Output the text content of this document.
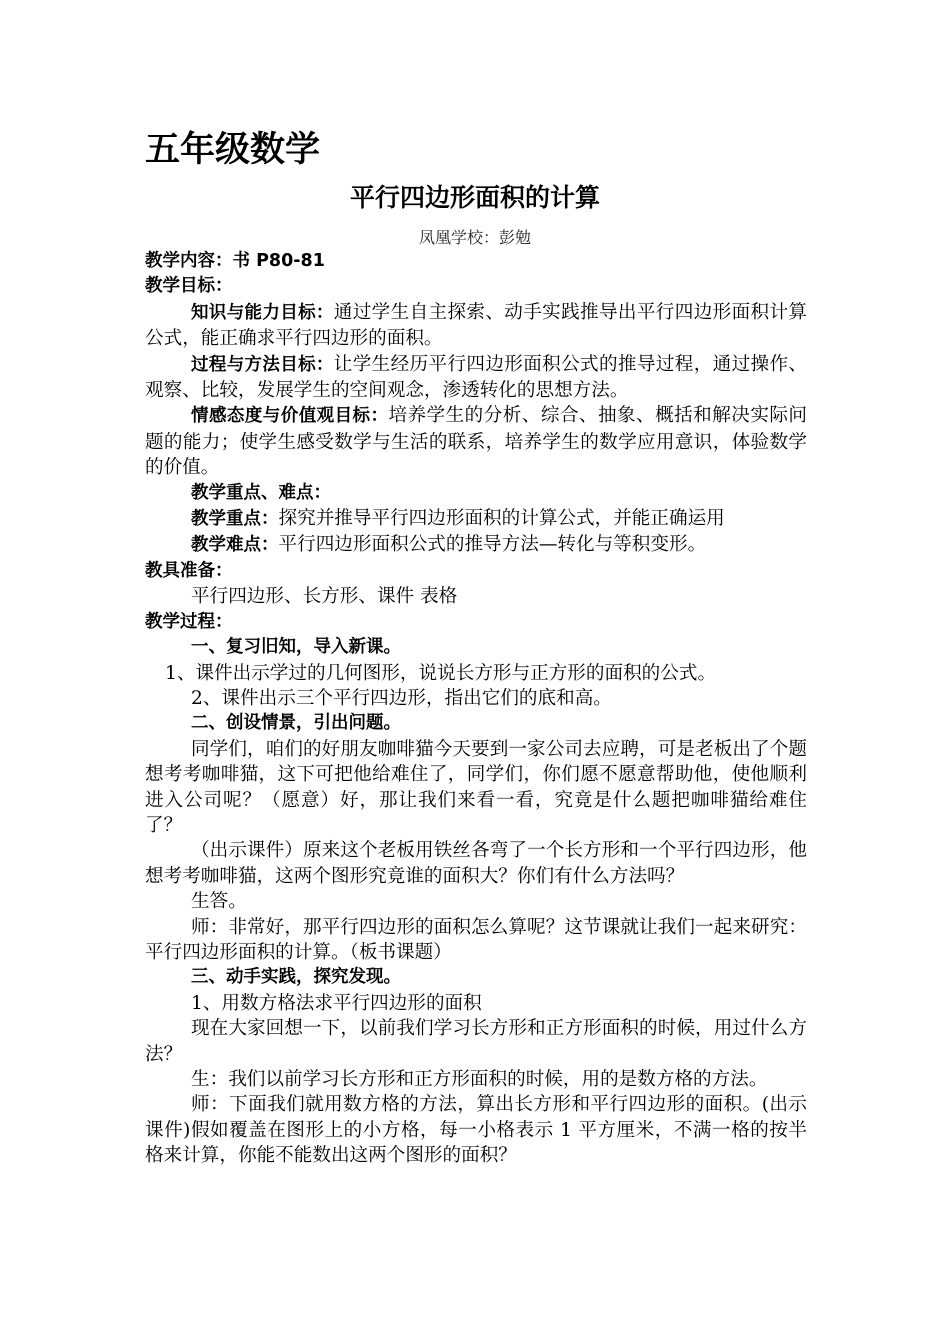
五年级数学
平行四边形面积的计算
凤凰学校：彭勉

教学内容：书 P80-81

教学目标：

知识与能力目标：通过学生自主探索、动手实践推导出平行四边形面积计算公式，能正确求平行四边形的面积。

过程与方法目标：让学生经历平行四边形面积公式的推导过程，通过操作、观察、比较，发展学生的空间观念，渗透转化的思想方法。

情感态度与价值观目标：培养学生的分析、综合、抽象、概括和解决实际问题的能力；使学生感受数学与生活的联系，培养学生的数学应用意识，体验数学的价值。

教学重点、难点：

教学重点：探究并推导平行四边形面积的计算公式，并能正确运用

教学难点：平行四边形面积公式的推导方法—转化与等积变形。

教具准备：

平行四边形、长方形、课件 表格

教学过程：

一、复习旧知，导入新课。

1、课件出示学过的几何图形，说说长方形与正方形的面积的公式。

2、课件出示三个平行四边形，指出它们的底和高。

二、创设情景，引出问题。

同学们，咱们的好朋友咖啡猫今天要到一家公司去应聘，可是老板出了个题想考考咖啡猫，这下可把他给难住了，同学们，你们愿不愿意帮助他，使他顺利进入公司呢？（愿意）好，那让我们来看一看，究竟是什么题把咖啡猫给难住了？

（出示课件）原来这个老板用铁丝各弯了一个长方形和一个平行四边形，他想考考咖啡猫，这两个图形究竟谁的面积大？你们有什么方法吗？

生答。

师：非常好，那平行四边形的面积怎么算呢？这节课就让我们一起来研究：平行四边形面积的计算。（板书课题）

三、动手实践，探究发现。

1、用数方格法求平行四边形的面积

现在大家回想一下，以前我们学习长方形和正方形面积的时候，用过什么方法？

生：我们以前学习长方形和正方形面积的时候，用的是数方格的方法。

师：下面我们就用数方格的方法，算出长方形和平行四边形的面积。(出示课件)假如覆盖在图形上的小方格，每一小格表示 1 平方厘米，不满一格的按半格来计算，你能不能数出这两个图形的面积？
